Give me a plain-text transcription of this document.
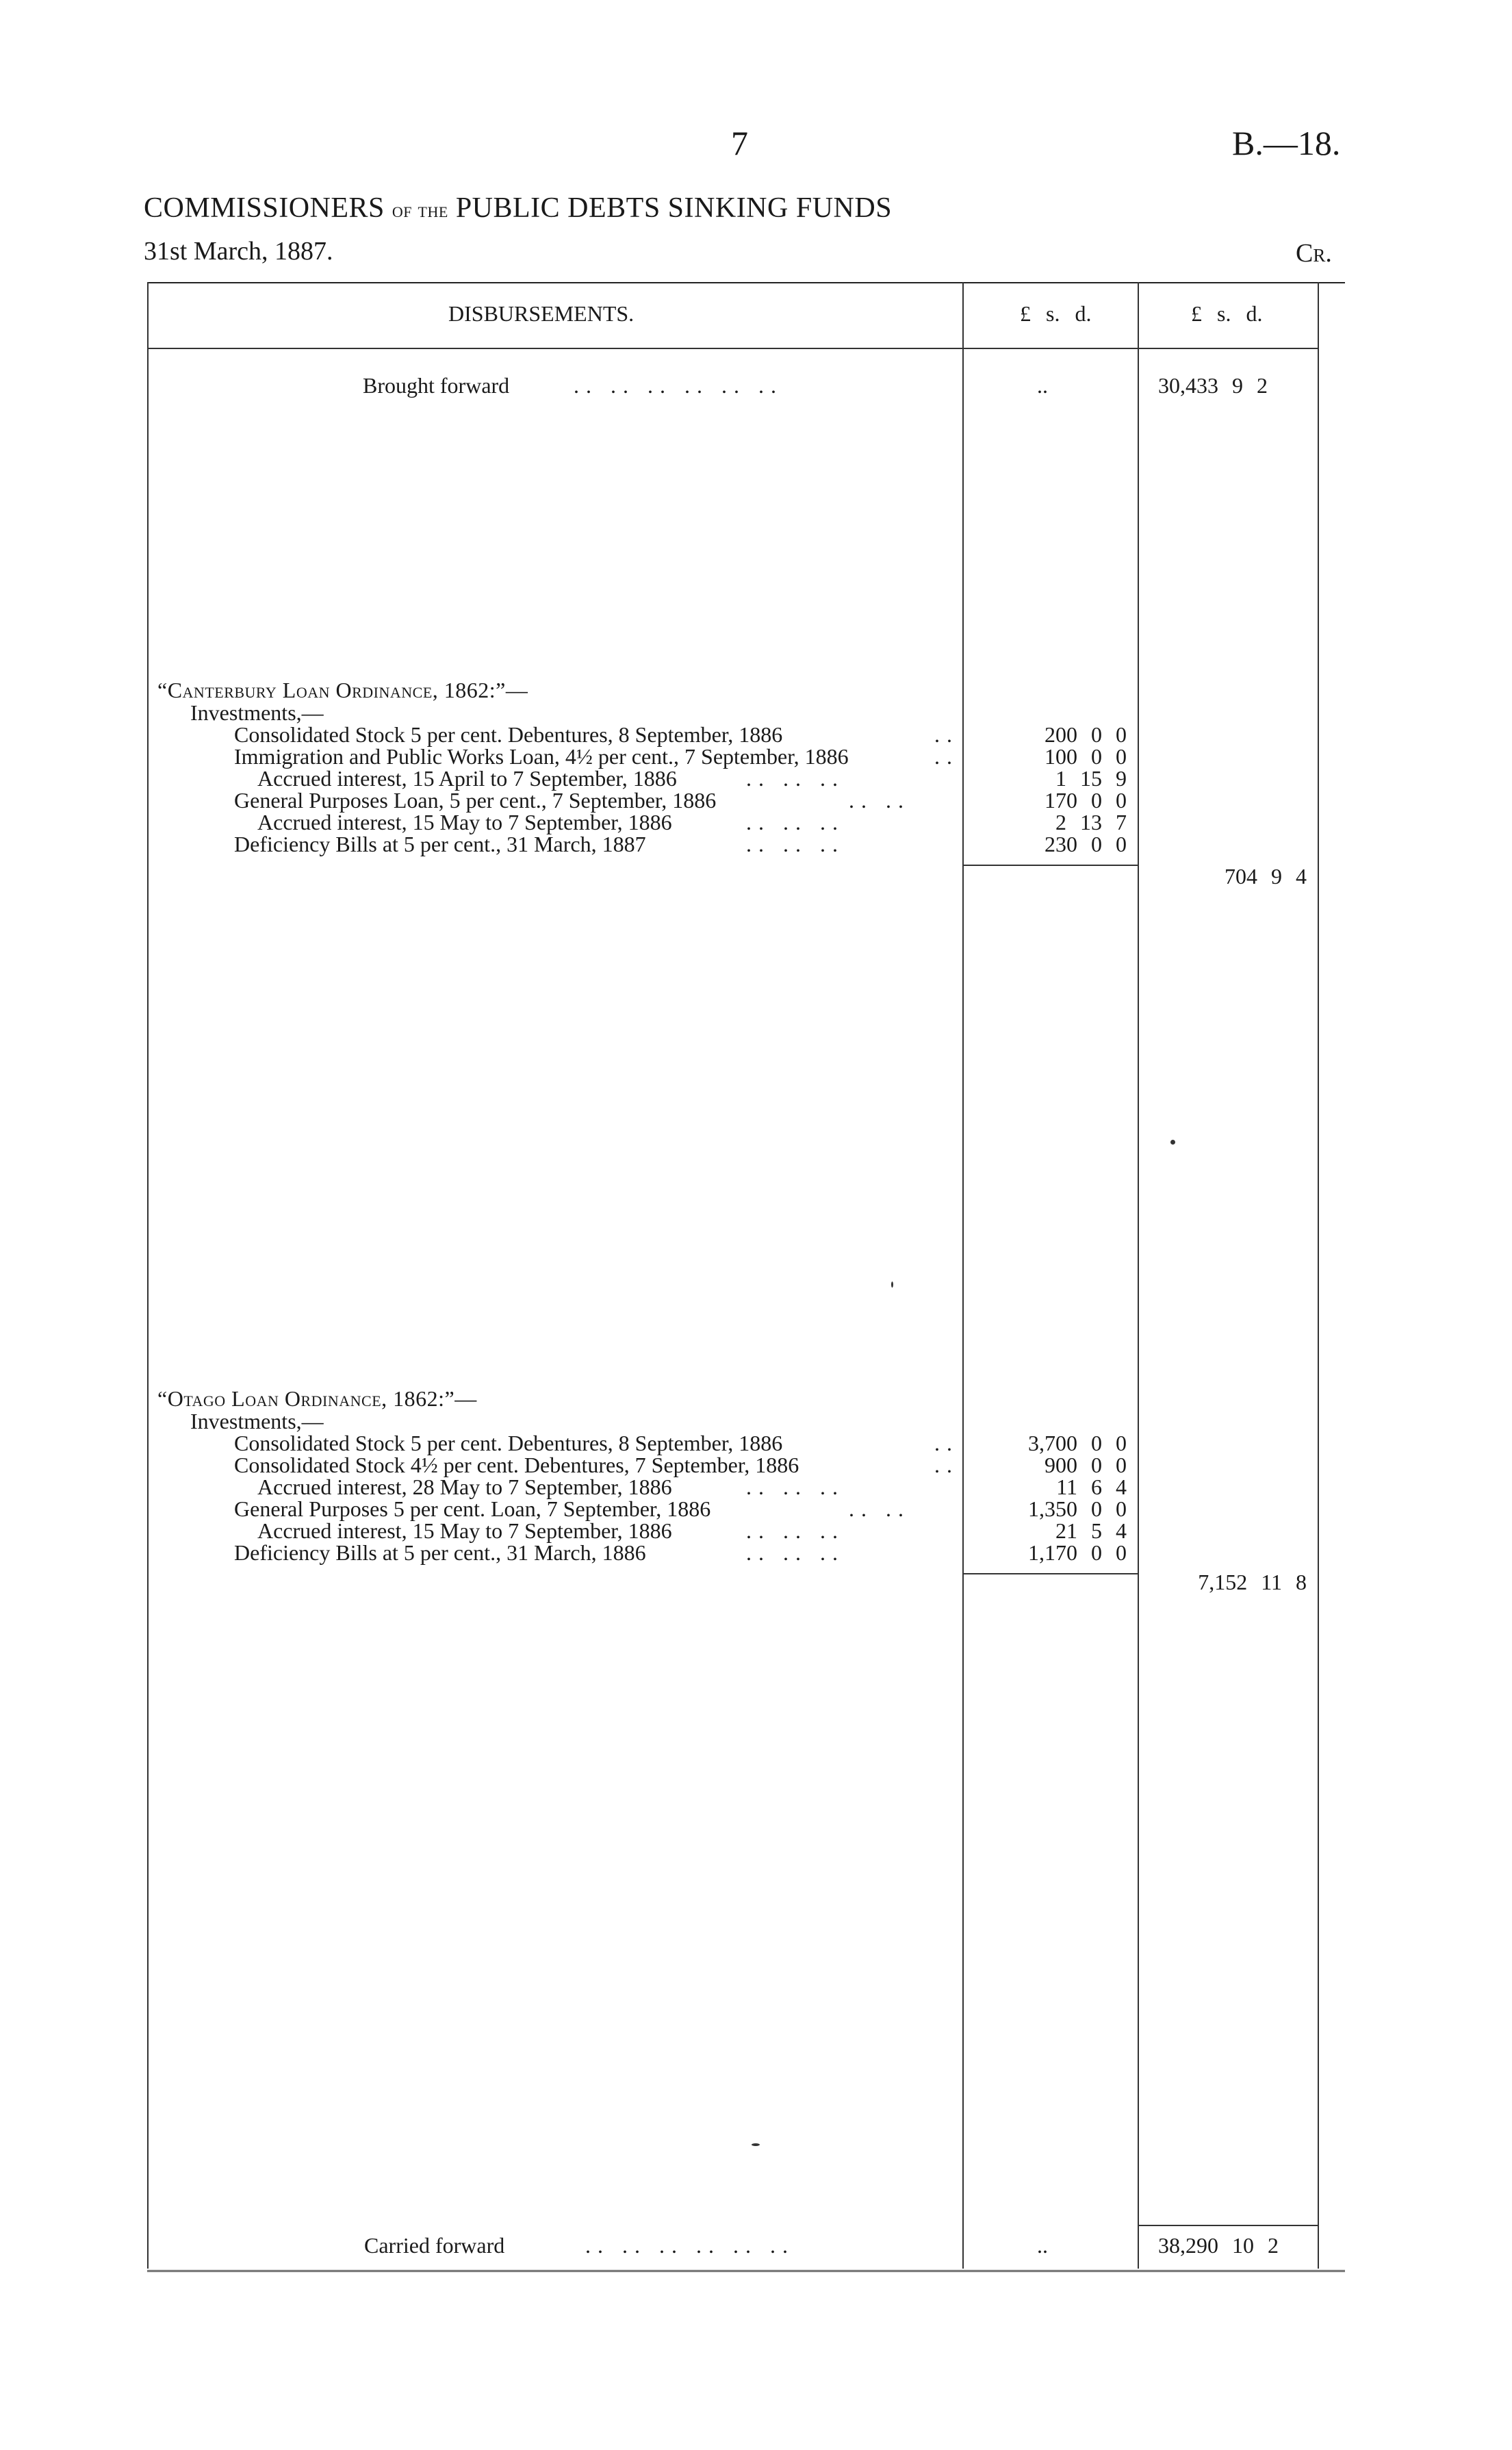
7	B.—18.
COMMISSIONERS of the PUBLIC DEBTS SINKING FUNDS
31st March, 1887.	Cr.
DISBURSEMENTS.	£ s. d.	£ s. d.
Brought forward	.. .. .. .. .. ..	..	30,433 9 2
“Canterbury Loan Ordinance, 1862:”—
Investments,—
Consolidated Stock 5 per cent. Debentures, 8 September, 1886	..	200 0 0
Immigration and Public Works Loan, 4½ per cent., 7 September, 1886	..	100 0 0
Accrued interest, 15 April to 7 September, 1886	.. .. ..	1 15 9
General Purposes Loan, 5 per cent., 7 September, 1886	.. ..	170 0 0
Accrued interest, 15 May to 7 September, 1886	.. .. ..	2 13 7
Deficiency Bills at 5 per cent., 31 March, 1887	.. .. ..	230 0 0
704 9 4
“Otago Loan Ordinance, 1862:”—
Investments,—
Consolidated Stock 5 per cent. Debentures, 8 September, 1886	..	3,700 0 0
Consolidated Stock 4½ per cent. Debentures, 7 September, 1886	..	900 0 0
Accrued interest, 28 May to 7 September, 1886	.. .. ..	11 6 4
General Purposes 5 per cent. Loan, 7 September, 1886	.. ..	1,350 0 0
Accrued interest, 15 May to 7 September, 1886	.. .. ..	21 5 4
Deficiency Bills at 5 per cent., 31 March, 1886	.. .. ..	1,170 0 0
7,152 11 8
Carried forward	.. .. .. .. .. ..	..	38,290 10 2
